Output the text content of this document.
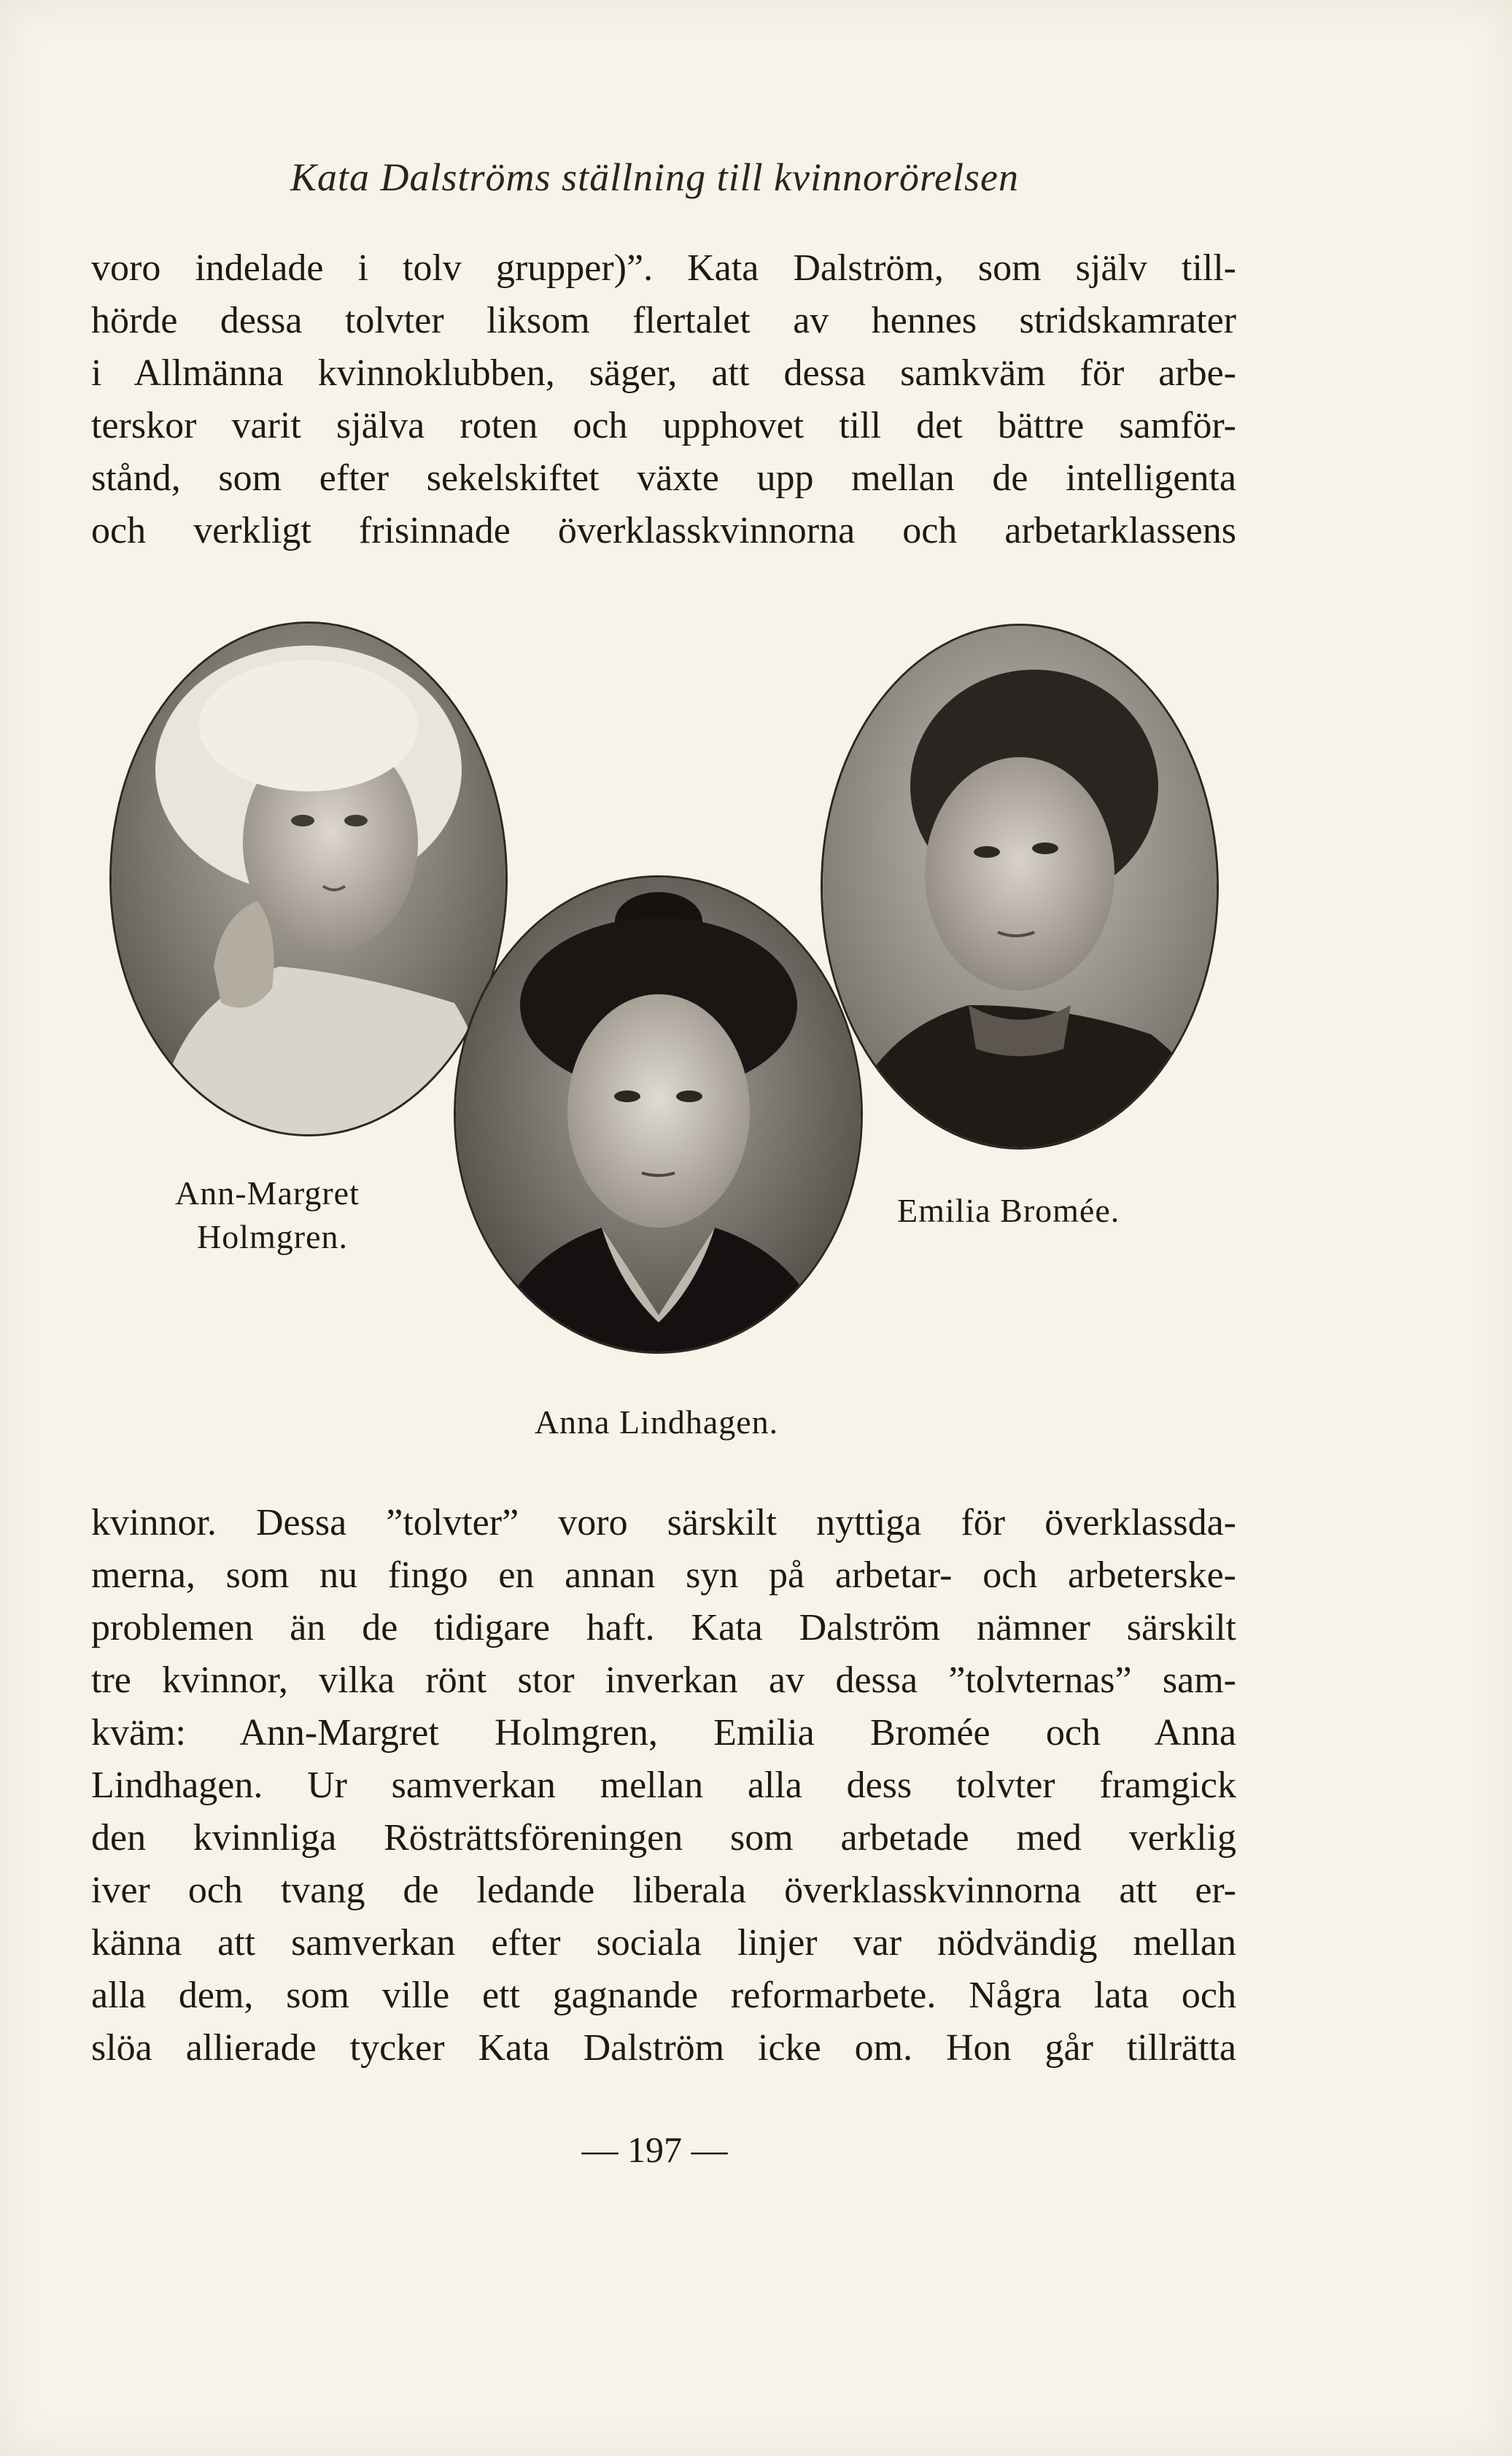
Kata Dalströms ställning till kvinnorörelsen
voro indelade i tolv grupper)”. Kata Dalström, som själv till-
hörde dessa tolvter liksom flertalet av hennes stridskamrater
i Allmänna kvinnoklubben, säger, att dessa samkväm för arbe-
terskor varit själva roten och upphovet till det bättre samför-
stånd, som efter sekelskiftet växte upp mellan de intelligenta
och verkligt frisinnade överklasskvinnorna och arbetarklassens
Ann-Margret
Holmgren.
Emilia Bromée.
Anna Lindhagen.
kvinnor. Dessa ”tolvter” voro särskilt nyttiga för överklassda-
merna, som nu fingo en annan syn på arbetar- och arbeterske-
problemen än de tidigare haft. Kata Dalström nämner särskilt
tre kvinnor, vilka rönt stor inverkan av dessa ”tolvternas” sam-
kväm: Ann-Margret Holmgren, Emilia Bromée och Anna
Lindhagen. Ur samverkan mellan alla dess tolvter framgick
den kvinnliga Rösträttsföreningen som arbetade med verklig
iver och tvang de ledande liberala överklasskvinnorna att er-
känna att samverkan efter sociala linjer var nödvändig mellan
alla dem, som ville ett gagnande reformarbete. Några lata och
slöa allierade tycker Kata Dalström icke om. Hon går tillrätta
— 197 —
